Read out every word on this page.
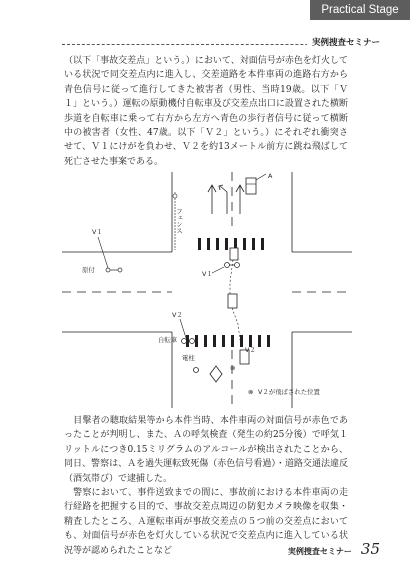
Practical Stage
実例捜査セミナー

（以下「事故交差点」という。）において、対面信号が赤色を灯火している状況で同交差点内に進入し、交差道路を本件車両の進路右方から青色信号に従って進行してきた被害者（男性、当時19歳。以下「Ｖ１」という。）運転の原動機付自転車及び交差点出口に設置された横断歩道を自転車に乗って右方から左方へ青色の歩行者信号に従って横断中の被害者（女性、47歳。以下「Ｖ２」という。）にそれぞれ衝突させて、Ｖ１にけがを負わせ、Ｖ２を約13メートル前方に跳ね飛ばして死亡させた事案である。

A
フェンス
V１
原付	V１
V２
自転車
V２
⊗
電柱
⊗ V２が飛ばされた位置

　目撃者の聴取結果等から本件当時、本件車両の対面信号が赤色であったことが判明し、また、Ａの呼気検査（発生の約25分後）で呼気１リットルにつき0.15ミリグラムのアルコールが検出されたことから、同日、警察は、Ａを過失運転致死傷（赤色信号看過）・道路交通法違反（酒気帯び）で逮捕した。
　警察において、事件送致までの間に、事故前における本件車両の走行経路を把握する目的で、事故交差点周辺の防犯カメラ映像を収集・精査したところ、Ａ運転車両が事故交差点の５つ前の交差点においても、対面信号が赤色を灯火している状況で交差点内に進入している状況等が認められたことなど	実例捜査セミナー 35
